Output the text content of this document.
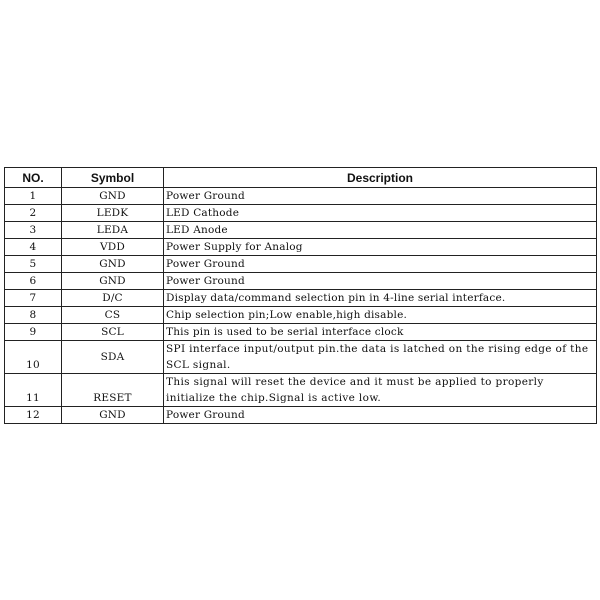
NO.	Symbol	Description
1	GND	Power Ground
2	LEDK	LED Cathode
3	LEDA	LED Anode
4	VDD	Power Supply for Analog
5	GND	Power Ground
6	GND	Power Ground
7	D/C	Display data/command selection pin in 4-line serial interface.
8	CS	Chip selection pin;Low enable,high disable.
9	SCL	This pin is used to be serial interface clock
10	SDA	SPI interface input/output pin.the data is latched on the rising edge of the SCL signal.
11	RESET	This signal will reset the device and it must be applied to properly initialize the chip.Signal is active low.
12	GND	Power Ground
